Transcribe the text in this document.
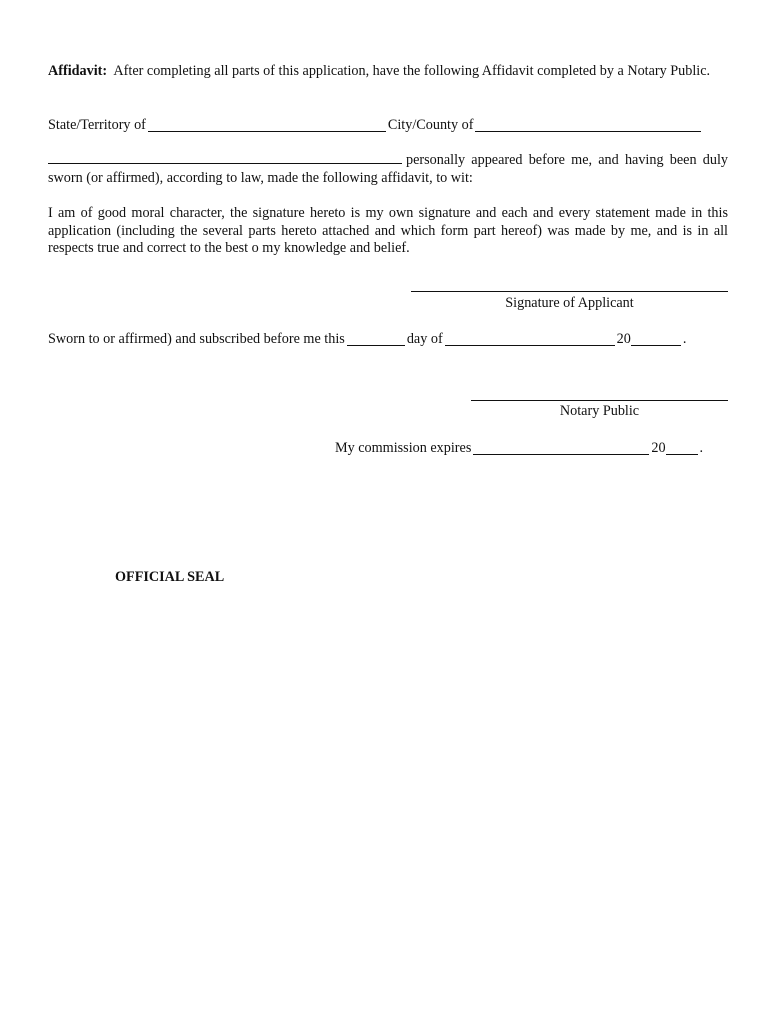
Affidavit: After completing all parts of this application, have the following Affidavit completed by a Notary Public.
State/Territory of	City/County of
personally appeared before me, and having been duly sworn (or affirmed), according to law, made the following affidavit, to wit:
I am of good moral character, the signature hereto is my own signature and each and every statement made in this application (including the several parts hereto attached and which form part hereof) was made by me, and is in all respects true and correct to the best o my knowledge and belief.
Signature of Applicant
Sworn to or affirmed) and subscribed before me this	day of	20	.
Notary Public
My commission expires	20 .
OFFICIAL SEAL
